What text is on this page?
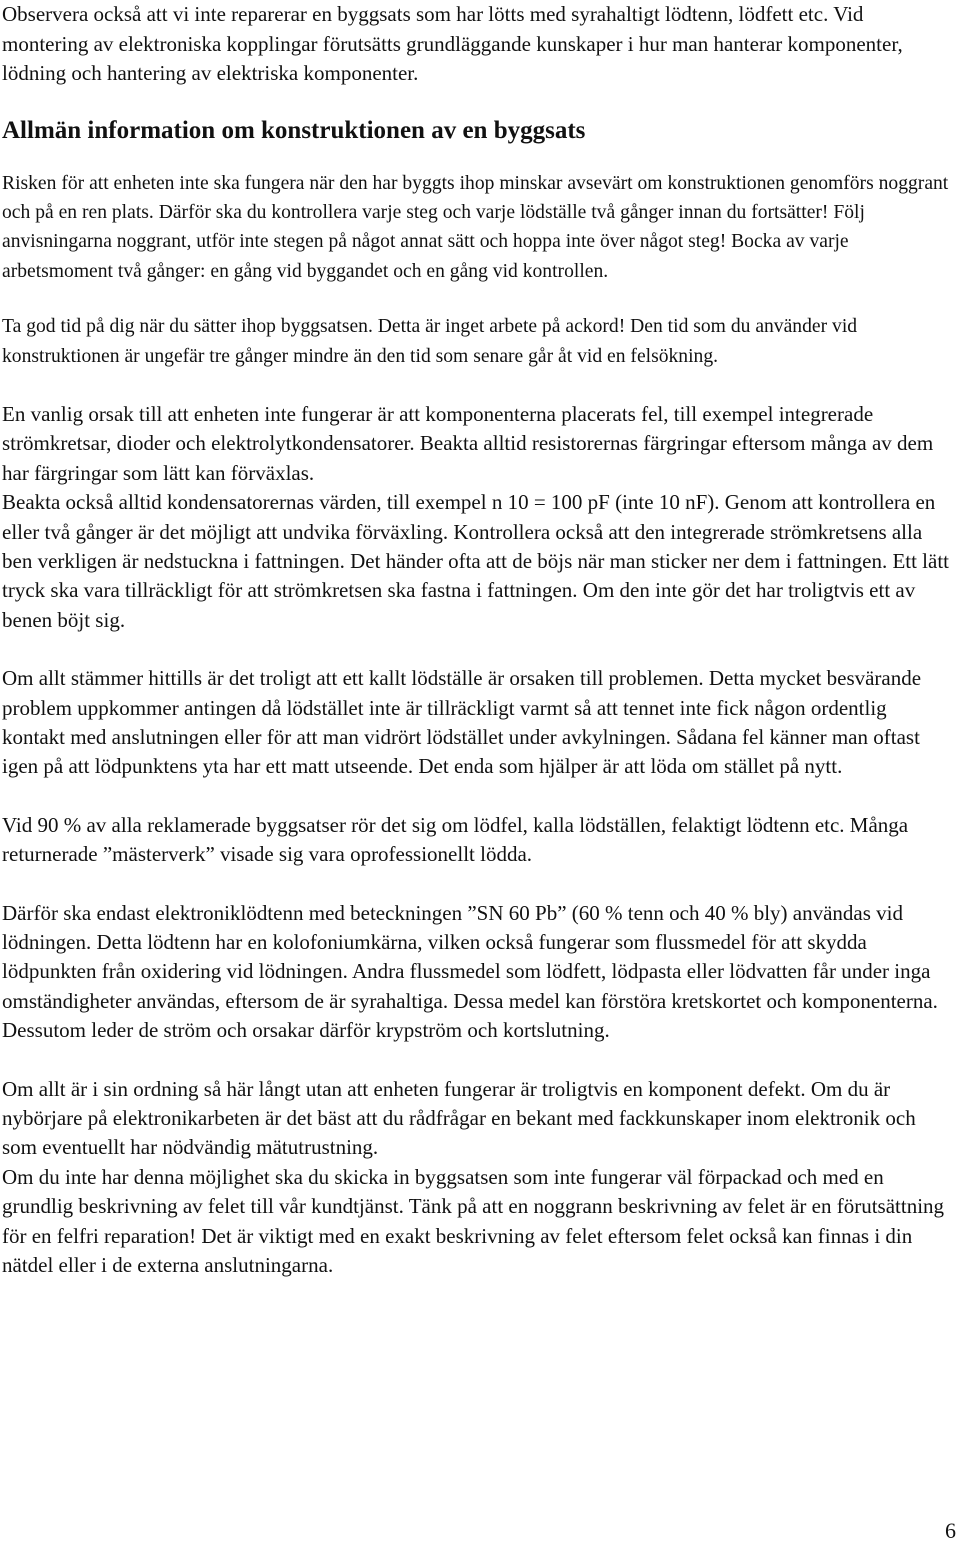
Observera också att vi inte reparerar en byggsats som har lötts med syrahaltigt lödtenn, lödfett etc. Vid montering av elektroniska kopplingar förutsätts grundläggande kunskaper i hur man hanterar komponenter, lödning och hantering av elektriska komponenter.

Allmän information om konstruktionen av en byggsats

Risken för att enheten inte ska fungera när den har byggts ihop minskar avsevärt om konstruktionen genomförs noggrant och på en ren plats. Därför ska du kontrollera varje steg och varje lödställe två gånger innan du fortsätter! Följ anvisningarna noggrant, utför inte stegen på något annat sätt och hoppa inte över något steg! Bocka av varje arbetsmoment två gånger: en gång vid byggandet och en gång vid kontrollen.

Ta god tid på dig när du sätter ihop byggsatsen. Detta är inget arbete på ackord! Den tid som du använder vid konstruktionen är ungefär tre gånger mindre än den tid som senare går åt vid en felsökning.

En vanlig orsak till att enheten inte fungerar är att komponenterna placerats fel, till exempel integrerade strömkretsar, dioder och elektrolytkondensatorer. Beakta alltid resistorernas färgringar eftersom många av dem har färgringar som lätt kan förväxlas.

Beakta också alltid kondensatorernas värden, till exempel n 10 = 100 pF (inte 10 nF). Genom att kontrollera en eller två gånger är det möjligt att undvika förväxling. Kontrollera också att den integrerade strömkretsens alla ben verkligen är nedstuckna i fattningen. Det händer ofta att de böjs när man sticker ner dem i fattningen. Ett lätt tryck ska vara tillräckligt för att strömkretsen ska fastna i fattningen. Om den inte gör det har troligtvis ett av benen böjt sig.

Om allt stämmer hittills är det troligt att ett kallt lödställe är orsaken till problemen. Detta mycket besvärande problem uppkommer antingen då lödstället inte är tillräckligt varmt så att tennet inte fick någon ordentlig kontakt med anslutningen eller för att man vidrört lödstället under avkylningen. Sådana fel känner man oftast igen på att lödpunktens yta har ett matt utseende. Det enda som hjälper är att löda om stället på nytt.

Vid 90 % av alla reklamerade byggsatser rör det sig om lödfel, kalla lödställen, felaktigt lödtenn etc. Många returnerade ”mästerverk” visade sig vara oprofessionellt lödda.

Därför ska endast elektroniklödtenn med beteckningen ”SN 60 Pb” (60 % tenn och 40 % bly) användas vid lödningen. Detta lödtenn har en kolofoniumkärna, vilken också fungerar som flussmedel för att skydda lödpunkten från oxidering vid lödningen. Andra flussmedel som lödfett, lödpasta eller lödvatten får under inga omständigheter användas, eftersom de är syrahaltiga. Dessa medel kan förstöra kretskortet och komponenterna. Dessutom leder de ström och orsakar därför krypström och kortslutning.

Om allt är i sin ordning så här långt utan att enheten fungerar är troligtvis en komponent defekt. Om du är nybörjare på elektronikarbeten är det bäst att du rådfrågar en bekant med fackkunskaper inom elektronik och som eventuellt har nödvändig mätutrustning.

Om du inte har denna möjlighet ska du skicka in byggsatsen som inte fungerar väl förpackad och med en grundlig beskrivning av felet till vår kundtjänst. Tänk på att en noggrann beskrivning av felet är en förutsättning för en felfri reparation! Det är viktigt med en exakt beskrivning av felet eftersom felet också kan finnas i din nätdel eller i de externa anslutningarna.

6
